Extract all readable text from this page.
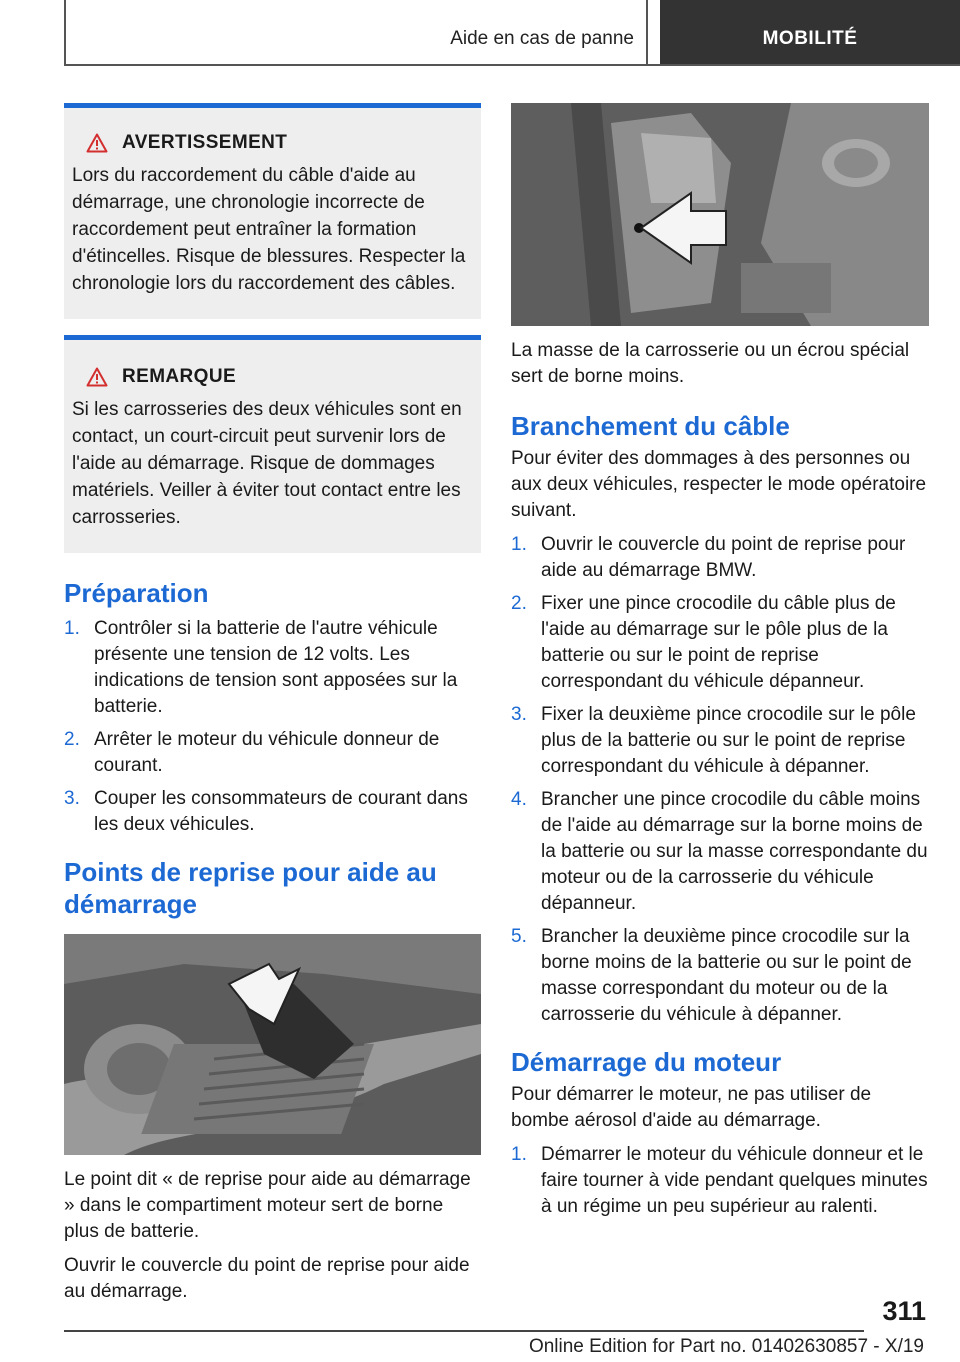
Aide en cas de panne	MOBILITÉ
AVERTISSEMENT
Lors du raccordement du câble d'aide au démarrage, une chronologie incorrecte de raccordement peut entraîner la formation d'étincelles. Risque de blessures. Respecter la chronologie lors du raccordement des câbles.
REMARQUE
Si les carrosseries des deux véhicules sont en contact, un court-circuit peut survenir lors de l'aide au démarrage. Risque de dommages matériels. Veiller à éviter tout contact entre les carrosseries.
Préparation
1. Contrôler si la batterie de l'autre véhicule présente une tension de 12 volts. Les indications de tension sont apposées sur la batterie.
2. Arrêter le moteur du véhicule donneur de courant.
3. Couper les consommateurs de courant dans les deux véhicules.
Points de reprise pour aide au démarrage

Le point dit « de reprise pour aide au démarrage » dans le compartiment moteur sert de borne plus de batterie.

Ouvrir le couvercle du point de reprise pour aide au démarrage.

La masse de la carrosserie ou un écrou spécial sert de borne moins.

Branchement du câble

Pour éviter des dommages à des personnes ou aux deux véhicules, respecter le mode opératoire suivant.

1. Ouvrir le couvercle du point de reprise pour aide au démarrage BMW.
2. Fixer une pince crocodile du câble plus de l'aide au démarrage sur le pôle plus de la batterie ou sur le point de reprise correspondant du véhicule dépanneur.
3. Fixer la deuxième pince crocodile sur le pôle plus de la batterie ou sur le point de reprise correspondant du véhicule à dépanner.
4. Brancher une pince crocodile du câble moins de l'aide au démarrage sur la borne moins de la batterie ou sur la masse correspondante du moteur ou de la carrosserie du véhicule dépanneur.
5. Brancher la deuxième pince crocodile sur la borne moins de la batterie ou sur le point de masse correspondant du moteur ou de la carrosserie du véhicule à dépanner.
Démarrage du moteur

Pour démarrer le moteur, ne pas utiliser de bombe aérosol d'aide au démarrage.

1. Démarrer le moteur du véhicule donneur et le faire tourner à vide pendant quelques minutes à un régime un peu supérieur au ralenti.
311
Online Edition for Part no. 01402630857 - X/19
